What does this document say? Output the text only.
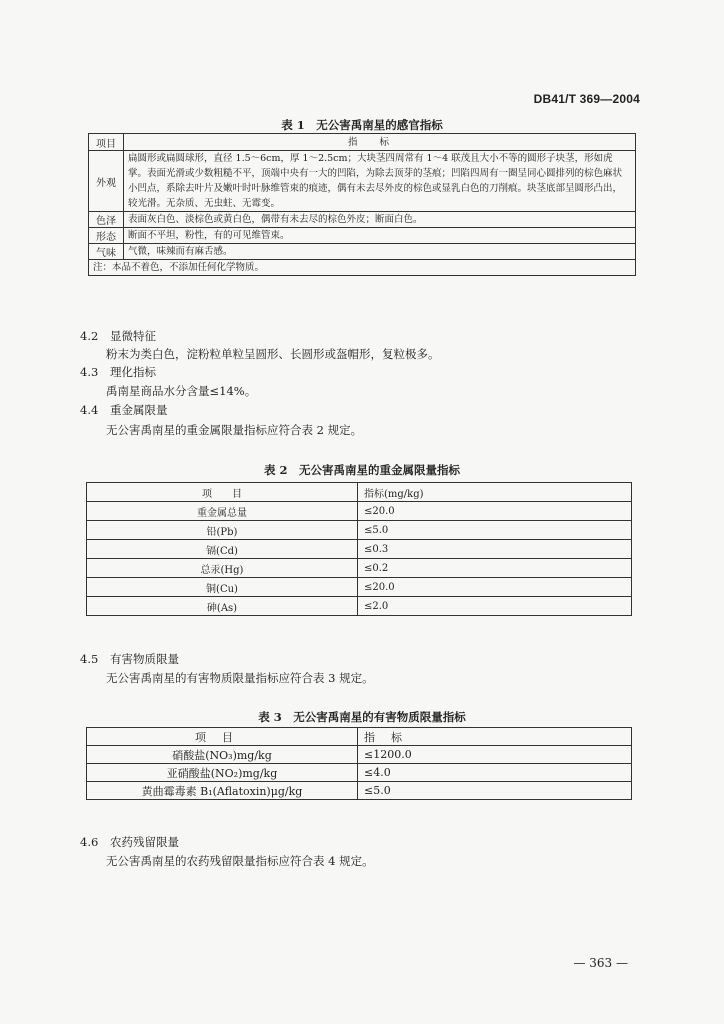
DB41/T 369—2004
表 1　无公害禹南星的感官指标
项目	指标
外观	扁圆形或扁圆球形，直径 1.5～6cm，厚 1～2.5cm；大块茎四周常有 1～4 联茂且大小不等的圆形子块茎，形如虎掌。表面光滑或少数粗糙不平，顶端中央有一大的凹陷，为除去顶芽的茎痕；凹陷四周有一圈呈同心圆排列的棕色麻状小凹点，系除去叶片及嫩叶时叶脉维管束的痕迹，偶有未去尽外皮的棕色或显乳白色的刀削痕。块茎底部呈圆形凸出，较光滑。无杂质、无虫蛀、无霉变。
色泽	表面灰白色、淡棕色或黄白色，偶带有未去尽的棕色外皮；断面白色。
形态	断面不平坦，粉性，有的可见维管束。
气味	气微，味辣而有麻舌感。
注：本品不着色，不添加任何化学物质。	
4.2 显微特征
粉末为类白色，淀粉粒单粒呈圆形、长圆形或盔帽形，复粒极多。
4.3 理化指标
禹南星商品水分含量≤14%。
4.4 重金属限量
无公害禹南星的重金属限量指标应符合表 2 规定。
表 2　无公害禹南星的重金属限量指标
项　　目	指标(mg/kg)
重金属总量	≤20.0
铅(Pb)	≤5.0
镉(Cd)	≤0.3
总汞(Hg)	≤0.2
铜(Cu)	≤20.0
砷(As)	≤2.0
4.5 有害物质限量
无公害禹南星的有害物质限量指标应符合表 3 规定。
表 3　无公害禹南星的有害物质限量指标
项目	指标
硝酸盐(NO₃)mg/kg	≤1200.0
亚硝酸盐(NO₂)mg/kg	≤4.0
黄曲霉毒素 B₁(Aflatoxin)μg/kg	≤5.0
4.6 农药残留限量
无公害禹南星的农药残留限量指标应符合表 4 规定。
— 363 —
